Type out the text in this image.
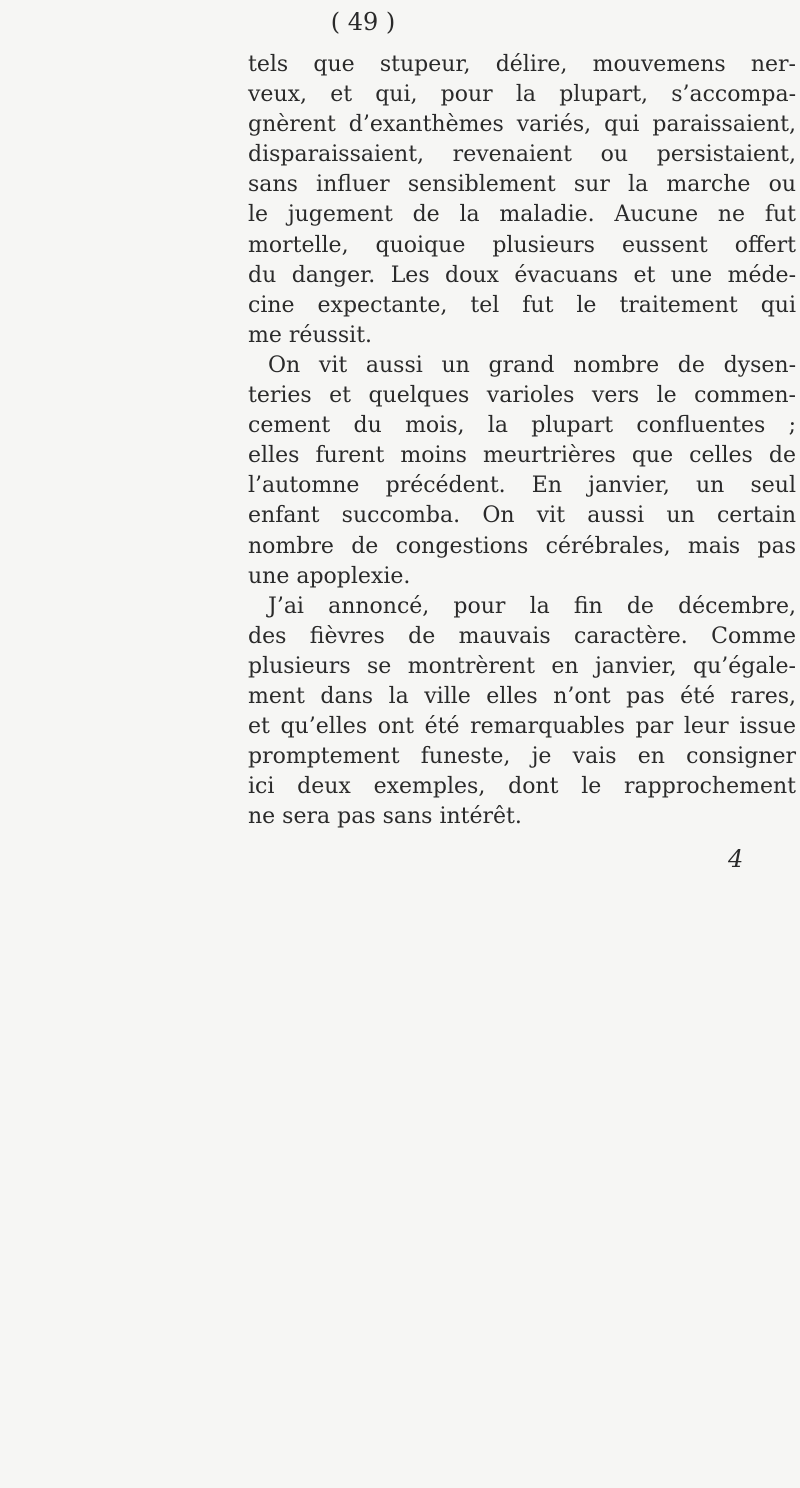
( 49 )
tels que stupeur, délire, mouvemens ner-
veux, et qui, pour la plupart, s’accompa-
gnèrent d’exanthèmes variés, qui paraissaient,
disparaissaient, revenaient ou persistaient,
sans influer sensiblement sur la marche ou
le jugement de la maladie. Aucune ne fut
mortelle, quoique plusieurs eussent offert
du danger. Les doux évacuans et une méde-
cine expectante, tel fut le traitement qui
me réussit.
On vit aussi un grand nombre de dysen-
teries et quelques varioles vers le commen-
cement du mois, la plupart confluentes ;
elles furent moins meurtrières que celles de
l’automne précédent. En janvier, un seul
enfant succomba. On vit aussi un certain
nombre de congestions cérébrales, mais pas
une apoplexie.
J’ai annoncé, pour la fin de décembre,
des fièvres de mauvais caractère. Comme
plusieurs se montrèrent en janvier, qu’égale-
ment dans la ville elles n’ont pas été rares,
et qu’elles ont été remarquables par leur issue
promptement funeste, je vais en consigner
ici deux exemples, dont le rapprochement
ne sera pas sans intérêt.
4
